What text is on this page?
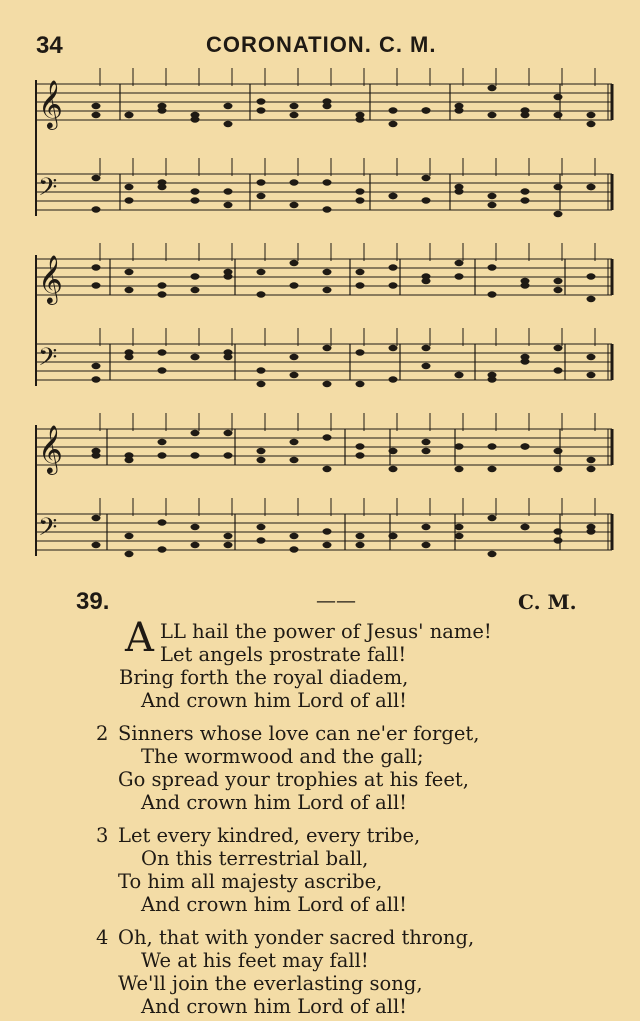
34	CORONATION. C. M.
𝄞
𝄢
𝄞
𝄢
𝄞
𝄢
39.	——	C. M.
A LL hail the power of Jesus' name!
Let angels prostrate fall!
Bring forth the royal diadem,
And crown him Lord of all!
2 Sinners whose love can ne'er forget,
The wormwood and the gall;
Go spread your trophies at his feet,
And crown him Lord of all!
3 Let every kindred, every tribe,
On this terrestrial ball,
To him all majesty ascribe,
And crown him Lord of all!
4 Oh, that with yonder sacred throng,
We at his feet may fall!
We'll join the everlasting song,
And crown him Lord of all!
